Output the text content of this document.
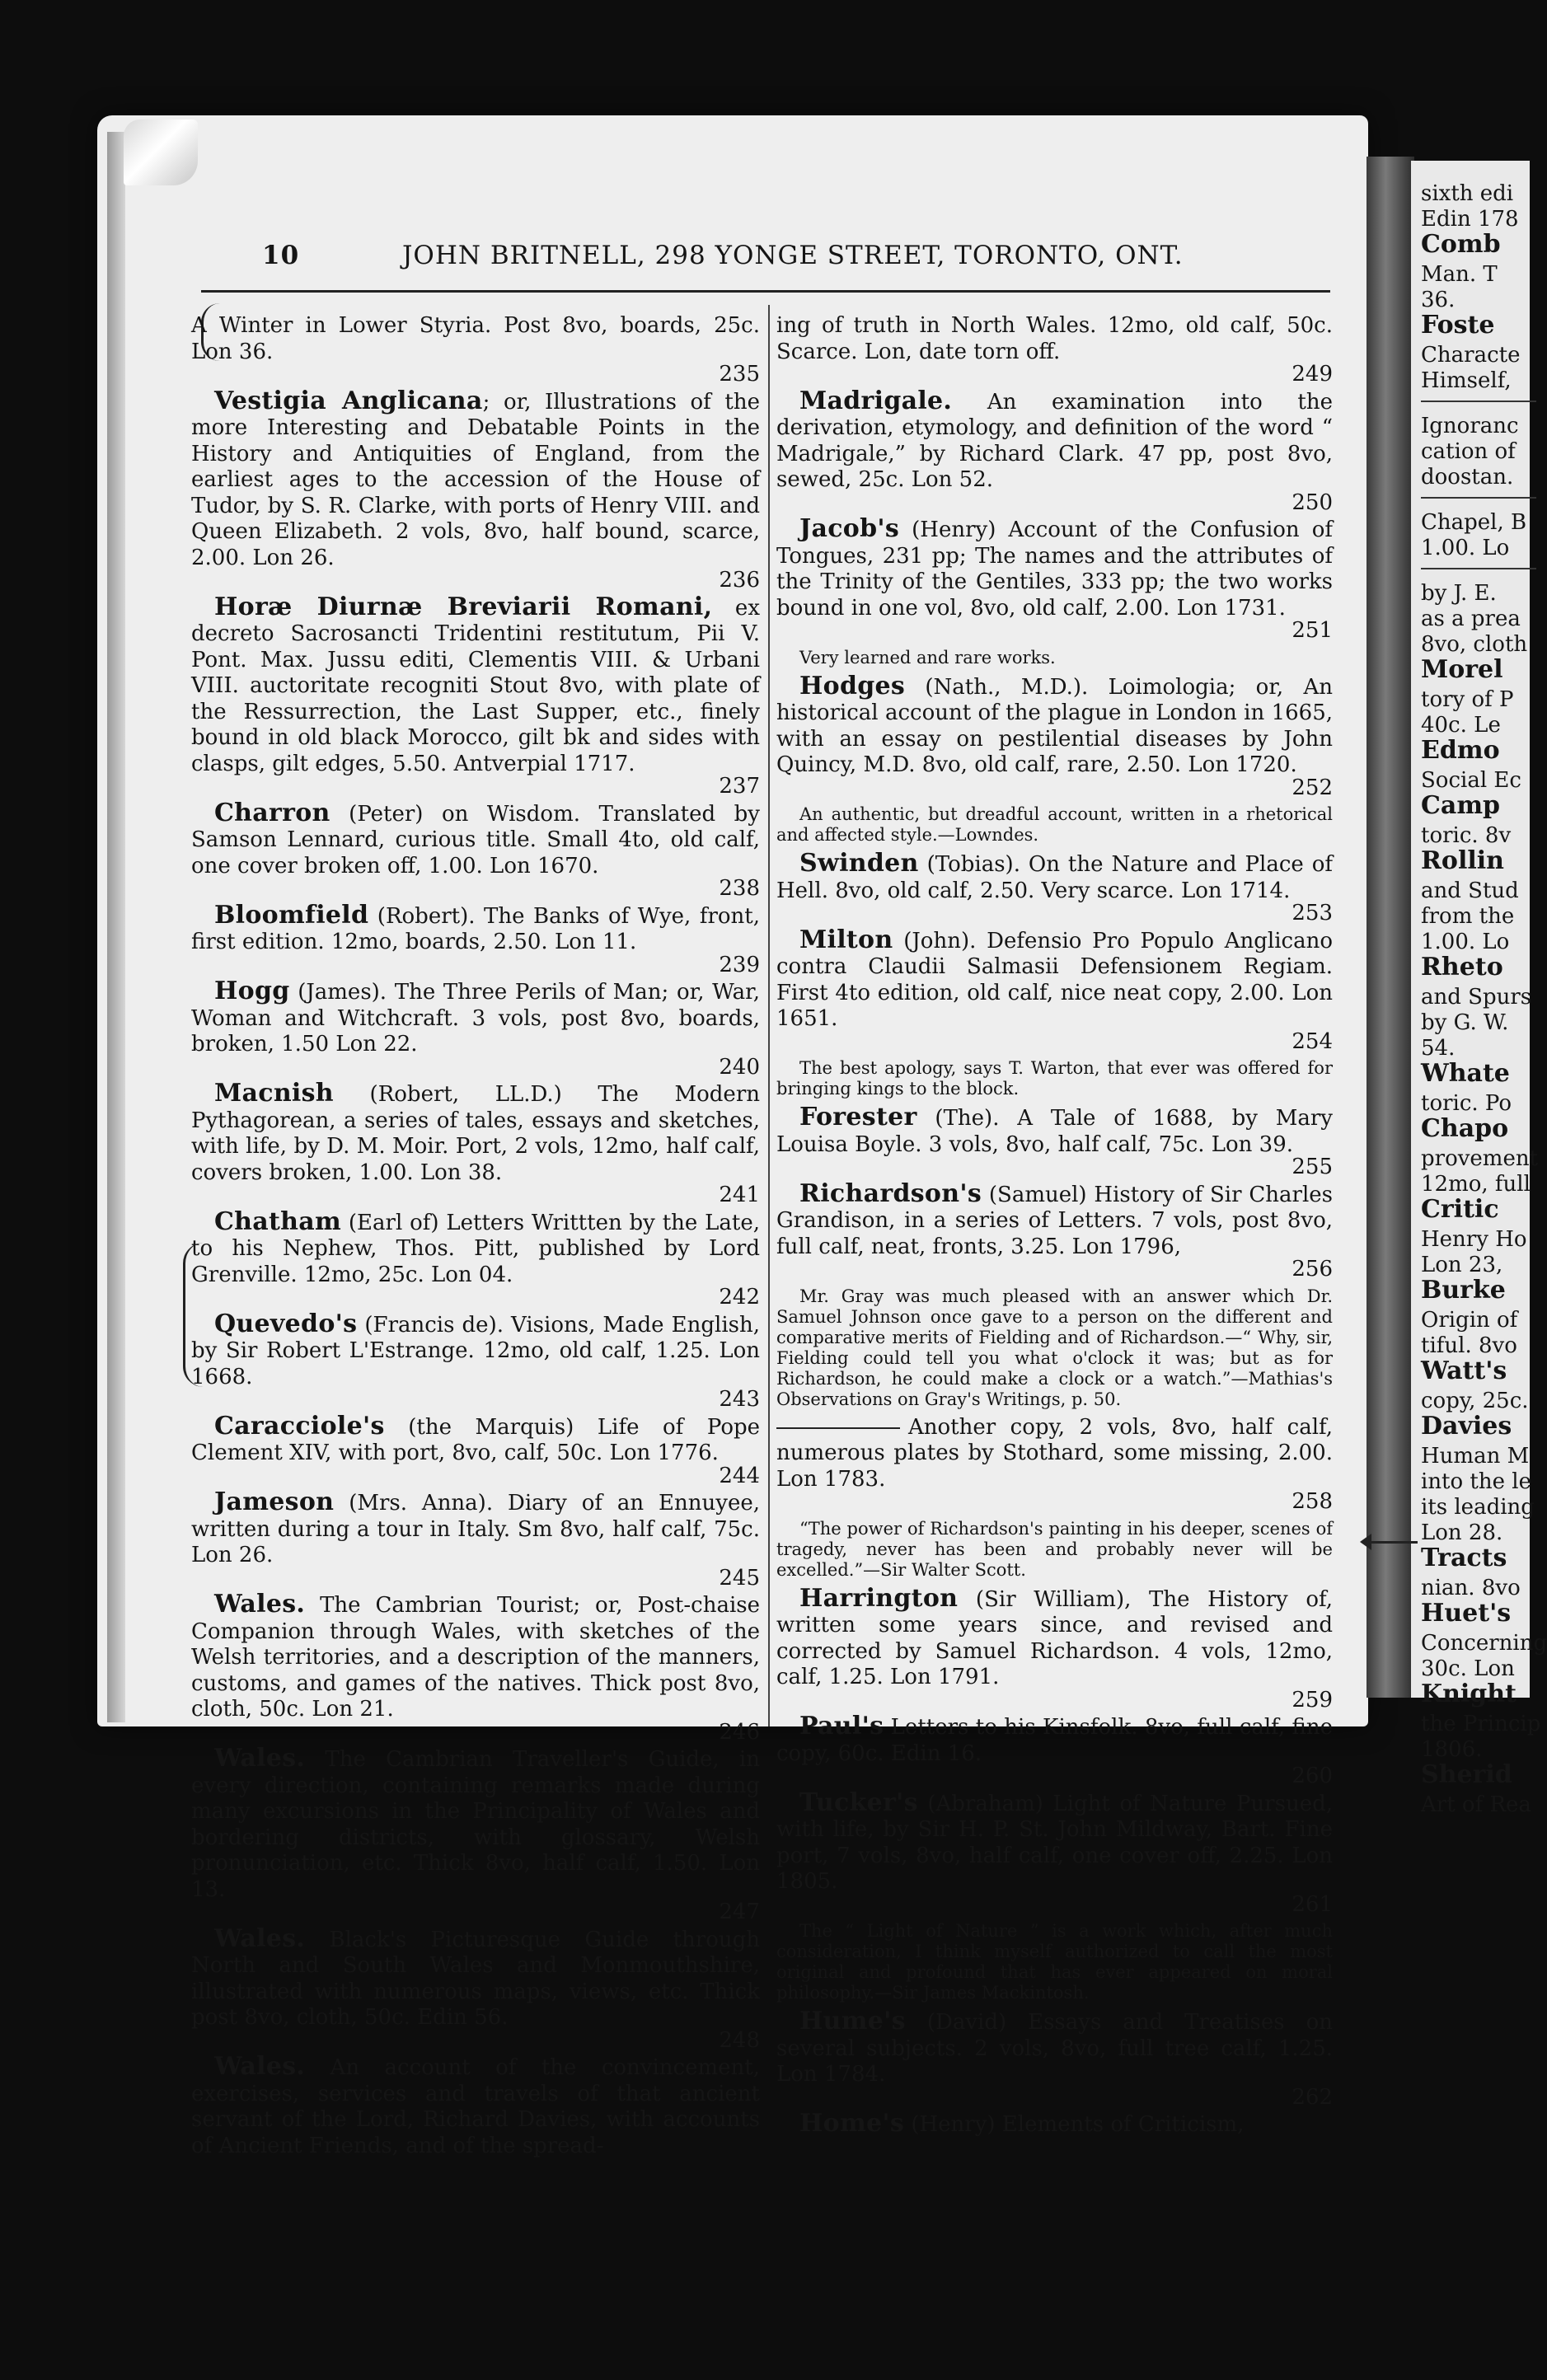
sixth edi
Edin 178
Comb
Man. T
36.
Foste
Characte
Himself,
Ignoranc
cation of
doostan.
Chapel, B
1.00. Lo
by J. E.
as a prea
8vo, cloth
Morel
tory of P
40c. Le
Edmo
Social Ec
Camp
toric. 8v
Rollin
and Stud
from the
1.00. Lo
Rheto
and Spurs
by G. W.
54.
Whate
toric. Po
Chapo
provement
12mo, full
Critic
Henry Ho
Lon 23,
Burke
Origin of
tiful. 8vo
Watt's
copy, 25c.
Davies
Human M
into the le
its leading
Lon 28.
Tracts
nian. 8vo
Huet's
Concerning
30c. Lon
Knight
the Princip
1806.
Sherid
Art of Rea
10	JOHN BRITNELL, 298 YONGE STREET, TORONTO, ONT.
A Winter in Lower Styria. Post 8vo, boards, 25c. Lon 36.
235
Vestigia Anglicana; or, Illustrations of the more Interesting and Debatable Points in the History and Antiquities of England, from the earliest ages to the accession of the House of Tudor, by S. R. Clarke, with ports of Henry VIII. and Queen Elizabeth. 2 vols, 8vo, half bound, scarce, 2.00. Lon 26.
236
Horæ Diurnæ Breviarii Romani, ex decreto Sacrosancti Tridentini restitutum, Pii V. Pont. Max. Jussu editi, Clementis VIII. & Urbani VIII. auctoritate recogniti Stout 8vo, with plate of the Ressurrection, the Last Supper, etc., finely bound in old black Morocco, gilt bk and sides with clasps, gilt edges, 5.50. Antverpial 1717.
237
Charron (Peter) on Wisdom. Translated by Samson Lennard, curious title. Small 4to, old calf, one cover broken off, 1.00. Lon 1670.
238
Bloomfield (Robert). The Banks of Wye, front, first edition. 12mo, boards, 2.50. Lon 11.
239
Hogg (James). The Three Perils of Man; or, War, Woman and Witchcraft. 3 vols, post 8vo, boards, broken, 1.50 Lon 22.
240
Macnish (Robert, LL.D.) The Modern Pythagorean, a series of tales, essays and sketches, with life, by D. M. Moir. Port, 2 vols, 12mo, half calf, covers broken, 1.00. Lon 38.
241
Chatham (Earl of) Letters Writtten by the Late, to his Nephew, Thos. Pitt, published by Lord Grenville. 12mo, 25c. Lon 04.
242
Quevedo's (Francis de). Visions, Made English, by Sir Robert L'Estrange. 12mo, old calf, 1.25. Lon 1668.
243
Caracciole's (the Marquis) Life of Pope Clement XIV, with port, 8vo, calf, 50c. Lon 1776.
244
Jameson (Mrs. Anna). Diary of an Ennuyee, written during a tour in Italy. Sm 8vo, half calf, 75c. Lon 26.
245
Wales. The Cambrian Tourist; or, Post-chaise Companion through Wales, with sketches of the Welsh territories, and a description of the manners, customs, and games of the natives. Thick post 8vo, cloth, 50c. Lon 21.
246
Wales. The Cambrian Traveller's Guide, in every direction, containing remarks made during many excursions in the Principality of Wales and bordering districts, with glossary, Welsh pronunciation, etc. Thick 8vo, half calf, 1.50. Lon 13.
247
Wales. Black's Picturesque Guide through North and South Wales and Monmouthshire, illustrated with numerous maps, views, etc. Thick post 8vo, cloth, 50c. Edin 56.
248
Wales. An account of the convincement, exercises, services and travels of that ancient servant of the Lord, Richard Davies, with accounts of Ancient Friends, and of the spread-
ing of truth in North Wales. 12mo, old calf, 50c. Scarce. Lon, date torn off.
249
Madrigale. An examination into the derivation, etymology, and definition of the word “ Madrigale,” by Richard Clark. 47 pp, post 8vo, sewed, 25c. Lon 52.
250
Jacob's (Henry) Account of the Confusion of Tongues, 231 pp; The names and the attributes of the Trinity of the Gentiles, 333 pp; the two works bound in one vol, 8vo, old calf, 2.00. Lon 1731.
251
Very learned and rare works.
Hodges (Nath., M.D.). Loimologia; or, An historical account of the plague in London in 1665, with an essay on pestilential diseases by John Quincy, M.D. 8vo, old calf, rare, 2.50. Lon 1720.
252
An authentic, but dreadful account, written in a rhetorical and affected style.—Lowndes.
Swinden (Tobias). On the Nature and Place of Hell. 8vo, old calf, 2.50. Very scarce. Lon 1714.
253
Milton (John). Defensio Pro Populo Anglicano contra Claudii Salmasii Defensionem Regiam. First 4to edition, old calf, nice neat copy, 2.00. Lon 1651.
254
The best apology, says T. Warton, that ever was offered for bringing kings to the block.
Forester (The). A Tale of 1688, by Mary Louisa Boyle. 3 vols, 8vo, half calf, 75c. Lon 39.
255
Richardson's (Samuel) History of Sir Charles Grandison, in a series of Letters. 7 vols, post 8vo, full calf, neat, fronts, 3.25. Lon 1796,
256
Mr. Gray was much pleased with an answer which Dr. Samuel Johnson once gave to a person on the different and comparative merits of Fielding and of Richardson.—“ Why, sir, Fielding could tell you what o'clock it was; but as for Richardson, he could make a clock or a watch.”—Mathias's Observations on Gray's Writings, p. 50.
Another copy, 2 vols, 8vo, half calf, numerous plates by Stothard, some missing, 2.00. Lon 1783.
258
“The power of Richardson's painting in his deeper, scenes of tragedy, never has been and probably never will be excelled.”—Sir Walter Scott.
Harrington (Sir William), The History of, written some years since, and revised and corrected by Samuel Richardson. 4 vols, 12mo, calf, 1.25. Lon 1791.
259
Paul's Letters to his Kinsfolk. 8vo, full calf, fine copy, 60c. Edin 16.
260
Tucker's (Abraham) Light of Nature Pursued, with life, by Sir H. P. St. John Mildway, Bart. Fine port, 7 vols, 8vo, half calf, one cover off, 2.25. Lon 1805.
261
The “ Light of Nature ” is a work which, after much consideration, I think myself authorized to call the most original and profound that has ever appeared on moral philosophy.—Sir James Mackintosh.
Hume's (David) Essays and Treatises on several subjects. 2 vols, 8vo, full tree calf, 1.25. Lon 1784.
262
Home's (Henry) Elements of Criticism,
